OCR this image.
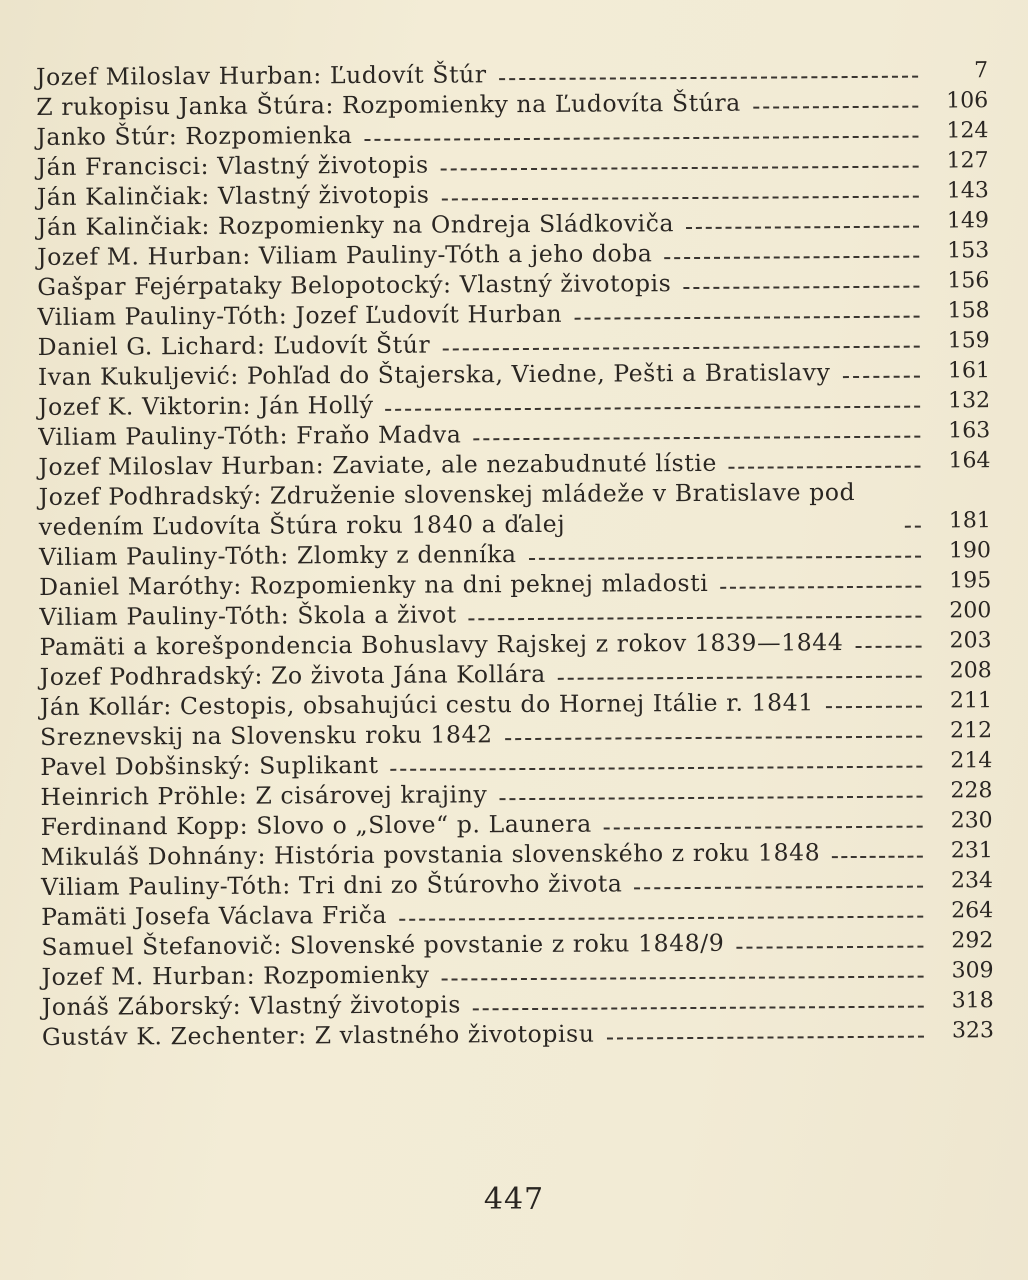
Jozef Miloslav Hurban: Ľudovít Štúr	7
Z rukopisu Janka Štúra: Rozpomienky na Ľudovíta Štúra	106
Janko Štúr: Rozpomienka	124
Ján Francisci: Vlastný životopis	127
Ján Kalinčiak: Vlastný životopis	143
Ján Kalinčiak: Rozpomienky na Ondreja Sládkoviča	149
Jozef M. Hurban: Viliam Pauliny-Tóth a jeho doba	153
Gašpar Fejérpataky Belopotocký: Vlastný životopis	156
Viliam Pauliny-Tóth: Jozef Ľudovít Hurban	158
Daniel G. Lichard: Ľudovít Štúr	159
Ivan Kukuljević: Pohľad do Štajerska, Viedne, Pešti a Bratislavy	161
Jozef K. Viktorin: Ján Hollý	132
Viliam Pauliny-Tóth: Fraňo Madva	163
Jozef Miloslav Hurban: Zaviate, ale nezabudnuté lístie	164
Jozef Podhradský: Združenie slovenskej mládeže v Bratislave pod vedením Ľudovíta Štúra roku 1840 a ďalej	181
Viliam Pauliny-Tóth: Zlomky z denníka	190
Daniel Maróthy: Rozpomienky na dni peknej mladosti	195
Viliam Pauliny-Tóth: Škola a život	200
Pamäti a korešpondencia Bohuslavy Rajskej z rokov 1839—1844	203
Jozef Podhradský: Zo života Jána Kollára	208
Ján Kollár: Cestopis, obsahujúci cestu do Hornej Itálie r. 1841	211
Sreznevskij na Slovensku roku 1842	212
Pavel Dobšinský: Suplikant	214
Heinrich Pröhle: Z cisárovej krajiny	228
Ferdinand Kopp: Slovo o „Slove“ p. Launera	230
Mikuláš Dohnány: História povstania slovenského z roku 1848	231
Viliam Pauliny-Tóth: Tri dni zo Štúrovho života	234
Pamäti Josefa Václava Friča	264
Samuel Štefanovič: Slovenské povstanie z roku 1848/9	292
Jozef M. Hurban: Rozpomienky	309
Jonáš Záborský: Vlastný životopis	318
Gustáv K. Zechenter: Z vlastného životopisu	323
447
